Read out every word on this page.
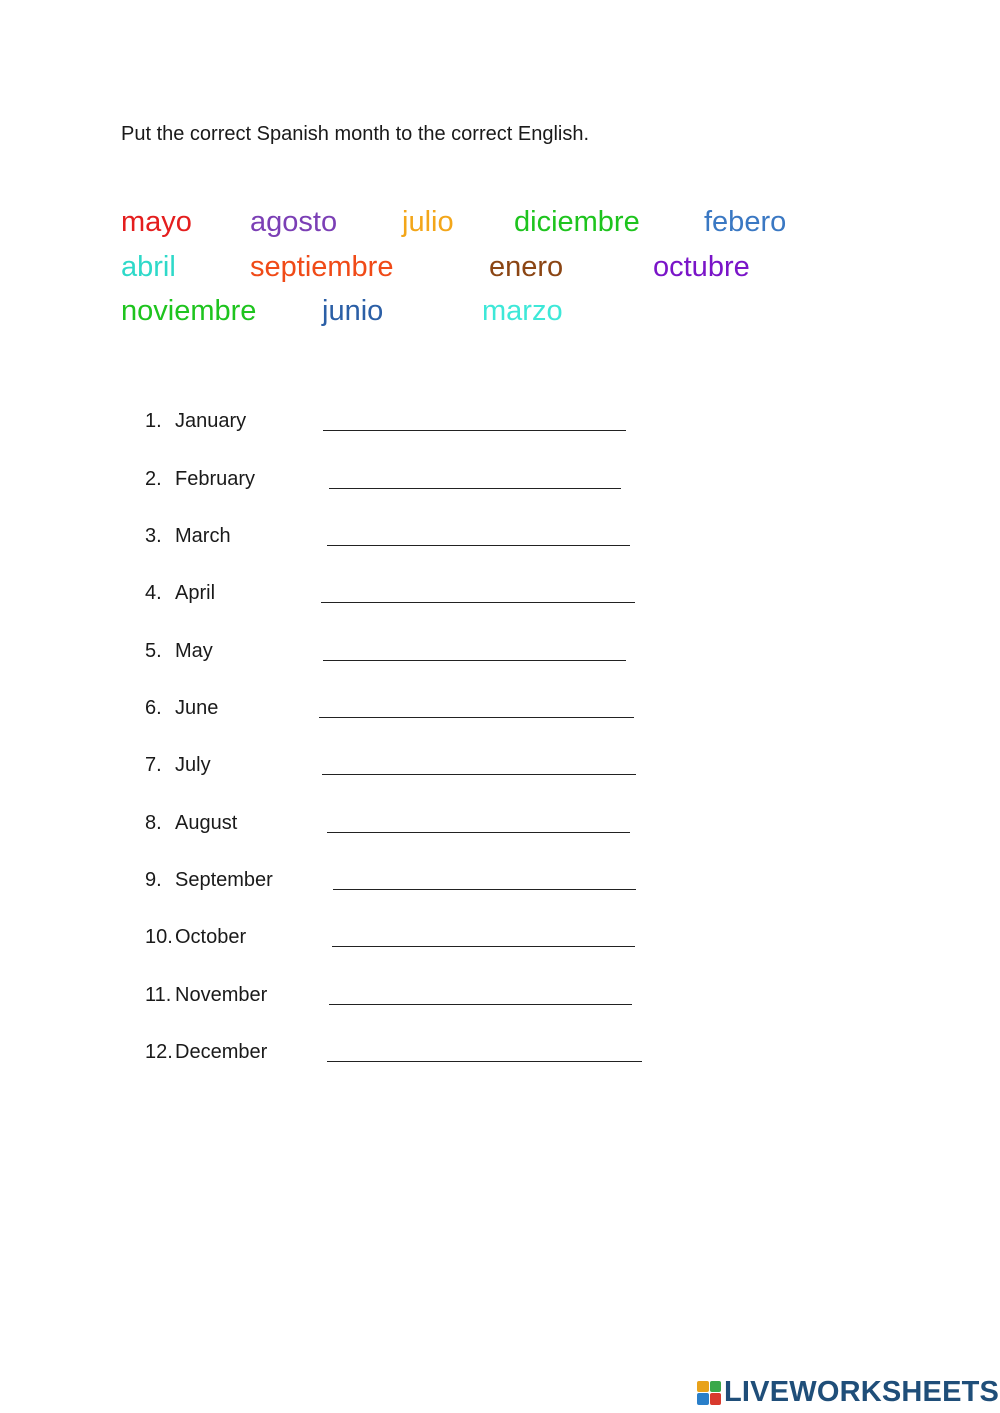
Put the correct Spanish month to the correct English.
mayo agosto julio diciembre febero
abril	septiembre	enero	octubre
noviembre junio	marzo
1. January
2. February
3. March
4. April
5. May
6. June
7. July
8. August
9. September
10. October
11. November
12. December
LIVEWORKSHEETS
